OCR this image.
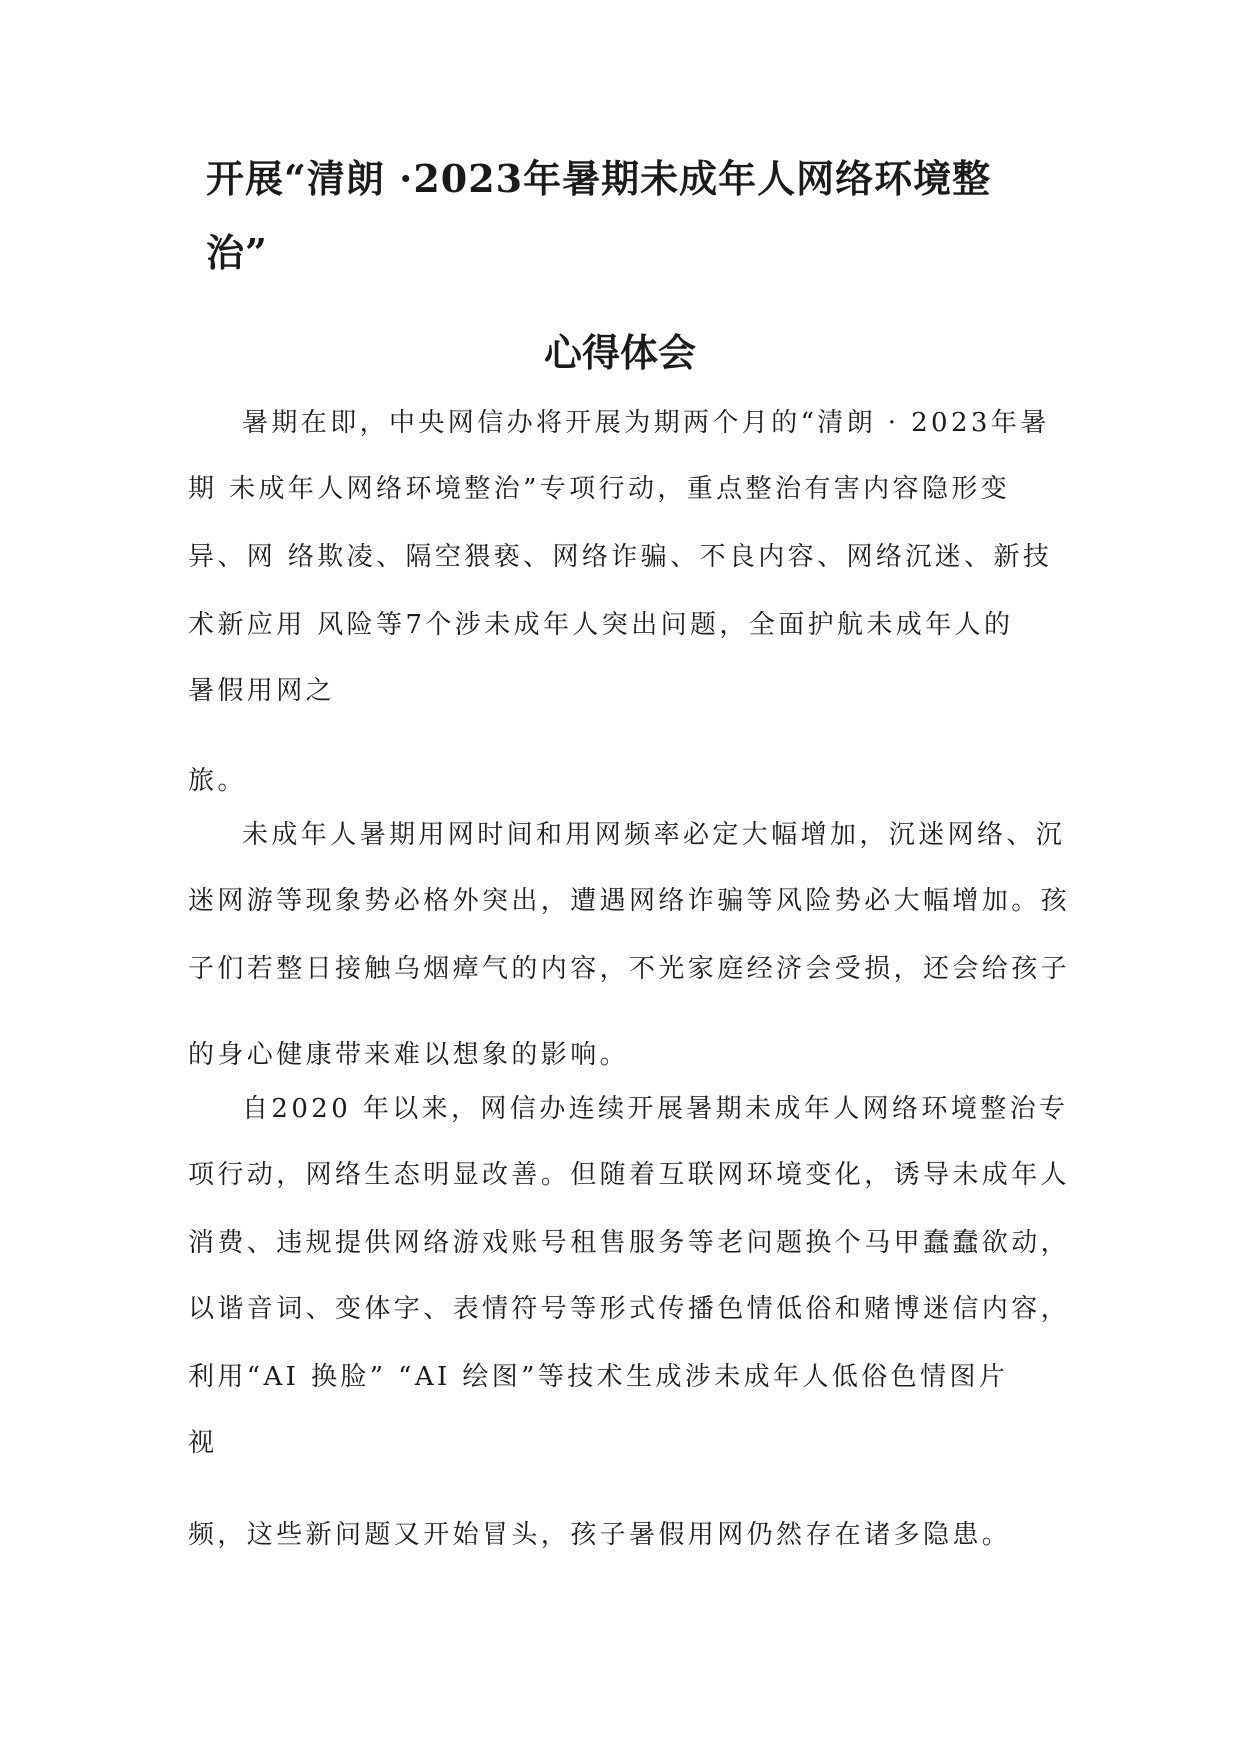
开展“清朗 ·2023年暑期未成年人网络环境整
治”
心得体会
暑期在即，中央网信办将开展为期两个月的“清朗 · 2023年暑
期 未成年人网络环境整治”专项行动，重点整治有害内容隐形变
异、网 络欺凌、隔空猥亵、网络诈骗、不良内容、网络沉迷、新技
术新应用 风险等7个涉未成年人突出问题，全面护航未成年人的
暑假用网之
旅。
未成年人暑期用网时间和用网频率必定大幅增加，沉迷网络、沉
迷网游等现象势必格外突出，遭遇网络诈骗等风险势必大幅增加。孩
子们若整日接触乌烟瘴气的内容，不光家庭经济会受损，还会给孩子
的身心健康带来难以想象的影响。
自2020 年以来，网信办连续开展暑期未成年人网络环境整治专
项行动，网络生态明显改善。但随着互联网环境变化，诱导未成年人
消费、违规提供网络游戏账号租售服务等老问题换个马甲蠢蠢欲动，
以谐音词、变体字、表情符号等形式传播色情低俗和赌博迷信内容，
利用“AI 换脸” “AI 绘图”等技术生成涉未成年人低俗色情图片
视
频，这些新问题又开始冒头，孩子暑假用网仍然存在诸多隐患。
